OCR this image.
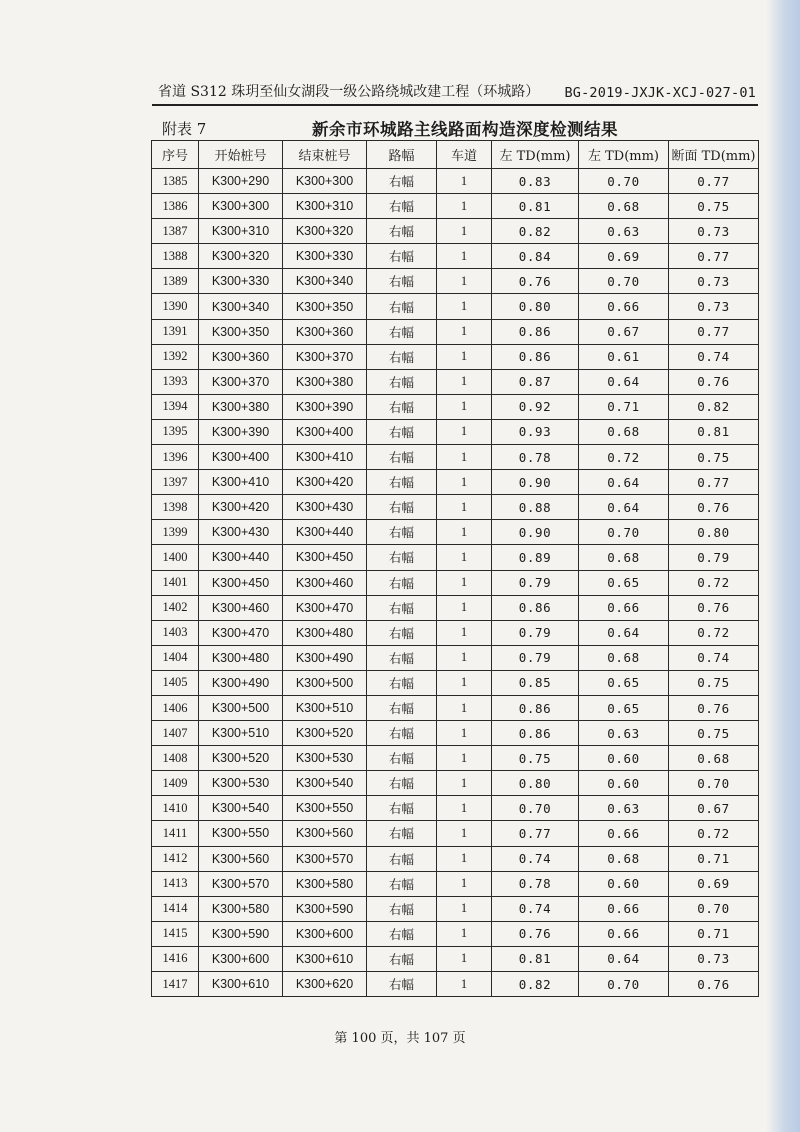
省道 S312 珠玥至仙女湖段一级公路绕城改建工程（环城路） BG-2019-JXJK-XCJ-027-01
附表 7	新余市环城路主线路面构造深度检测结果
序号	开始桩号	结束桩号	路幅	车道	左 TD(mm)	左 TD(mm)	断面 TD(mm)
1385	K300+290	K300+300	右幅	1	0.83	0.70	0.77
1386	K300+300	K300+310	右幅	1	0.81	0.68	0.75
1387	K300+310	K300+320	右幅	1	0.82	0.63	0.73
1388	K300+320	K300+330	右幅	1	0.84	0.69	0.77
1389	K300+330	K300+340	右幅	1	0.76	0.70	0.73
1390	K300+340	K300+350	右幅	1	0.80	0.66	0.73
1391	K300+350	K300+360	右幅	1	0.86	0.67	0.77
1392	K300+360	K300+370	右幅	1	0.86	0.61	0.74
1393	K300+370	K300+380	右幅	1	0.87	0.64	0.76
1394	K300+380	K300+390	右幅	1	0.92	0.71	0.82
1395	K300+390	K300+400	右幅	1	0.93	0.68	0.81
1396	K300+400	K300+410	右幅	1	0.78	0.72	0.75
1397	K300+410	K300+420	右幅	1	0.90	0.64	0.77
1398	K300+420	K300+430	右幅	1	0.88	0.64	0.76
1399	K300+430	K300+440	右幅	1	0.90	0.70	0.80
1400	K300+440	K300+450	右幅	1	0.89	0.68	0.79
1401	K300+450	K300+460	右幅	1	0.79	0.65	0.72
1402	K300+460	K300+470	右幅	1	0.86	0.66	0.76
1403	K300+470	K300+480	右幅	1	0.79	0.64	0.72
1404	K300+480	K300+490	右幅	1	0.79	0.68	0.74
1405	K300+490	K300+500	右幅	1	0.85	0.65	0.75
1406	K300+500	K300+510	右幅	1	0.86	0.65	0.76
1407	K300+510	K300+520	右幅	1	0.86	0.63	0.75
1408	K300+520	K300+530	右幅	1	0.75	0.60	0.68
1409	K300+530	K300+540	右幅	1	0.80	0.60	0.70
1410	K300+540	K300+550	右幅	1	0.70	0.63	0.67
1411	K300+550	K300+560	右幅	1	0.77	0.66	0.72
1412	K300+560	K300+570	右幅	1	0.74	0.68	0.71
1413	K300+570	K300+580	右幅	1	0.78	0.60	0.69
1414	K300+580	K300+590	右幅	1	0.74	0.66	0.70
1415	K300+590	K300+600	右幅	1	0.76	0.66	0.71
1416	K300+600	K300+610	右幅	1	0.81	0.64	0.73
1417	K300+610	K300+620	右幅	1	0.82	0.70	0.76
第 100 页，共 107 页
